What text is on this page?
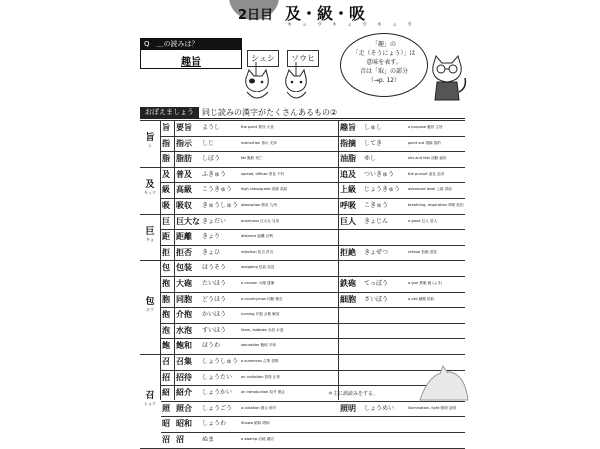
2日目 及・級・吸
キュウキュウキュウ
Q　＿の読みは？
趣旨	シュシ	ソウヒ
「趣」の
「走（そうにょう）」は
意味を表す。
音は「取」の部分
（→p. 12）
おぼえましょう	同じ読みの漢字がたくさんあるもの②
旨
シ
旨 要旨 ようし	the point 要旨 大旨	趣旨 しゅし	a purpose 趣旨 主旨
指 指示 しじ	instruction 指示 支持	指摘 してき	point out 指摘 指的
脂 脂肪 しぼう	fat 脂肪 死亡	油脂 ゆし	oils and fats 油脂 諭旨
及
キュウ
及 普及 ふきゅう	spread, diffuse 普及 不朽	追及 ついきゅう	the pursuit 追及 追求
級 高級 こうきゅう high class/grade 高級 高給	上級 じょうきゅう advanced level 上級 昇給
吸 吸収 きゅうしゅう absorption 吸収 九州	呼吸 こきゅう	breathing, respiration 呼吸 故旧
巨
キョ
巨 巨大な きょだい	enormous 巨大な 兄弟	巨人 きょじん	a giant 巨人 虚人
距 距離 きょり	distance 距離 巨利
拒 拒否 きょひ	rejection 拒否 許否	拒絶 きょぜつ	refusal 拒絶 虚説
包
ホウ
包 包装 ほうそう	wrapping 包装 放送
抱 大砲 たいほう	a cannon 大砲 逮捕	鉄砲 てっぽう	a gun 鉄砲 砲 (ふき)
胞 同胞 どうほう	a countryman 同胞 報告	細胞 さいぼう	a cell 細胞 砕肪
抱 介抱 かいほう	nursing 介抱 会報 解放
泡 水泡 すいほう	foam, bubbles 水泡 水泡
飽 飽和 ほうわ	saturation 飽和 平和
召
ショウ
召 召集 しょうしゅう a summons 召集 招集
招 招待 しょうたい an invitation 招待 正体
紹 紹介 しょうかい an introduction 紹介 照会
照 照合 しょうごう a collation 照合 称号	照明 しょうめい	illumination, light 照明 証明
昭 昭和 しょうわ	Showa 昭和 唱和
沼 沼	ぬま	a swamp 沼地 湖沼
＊主に訓読みをする。
